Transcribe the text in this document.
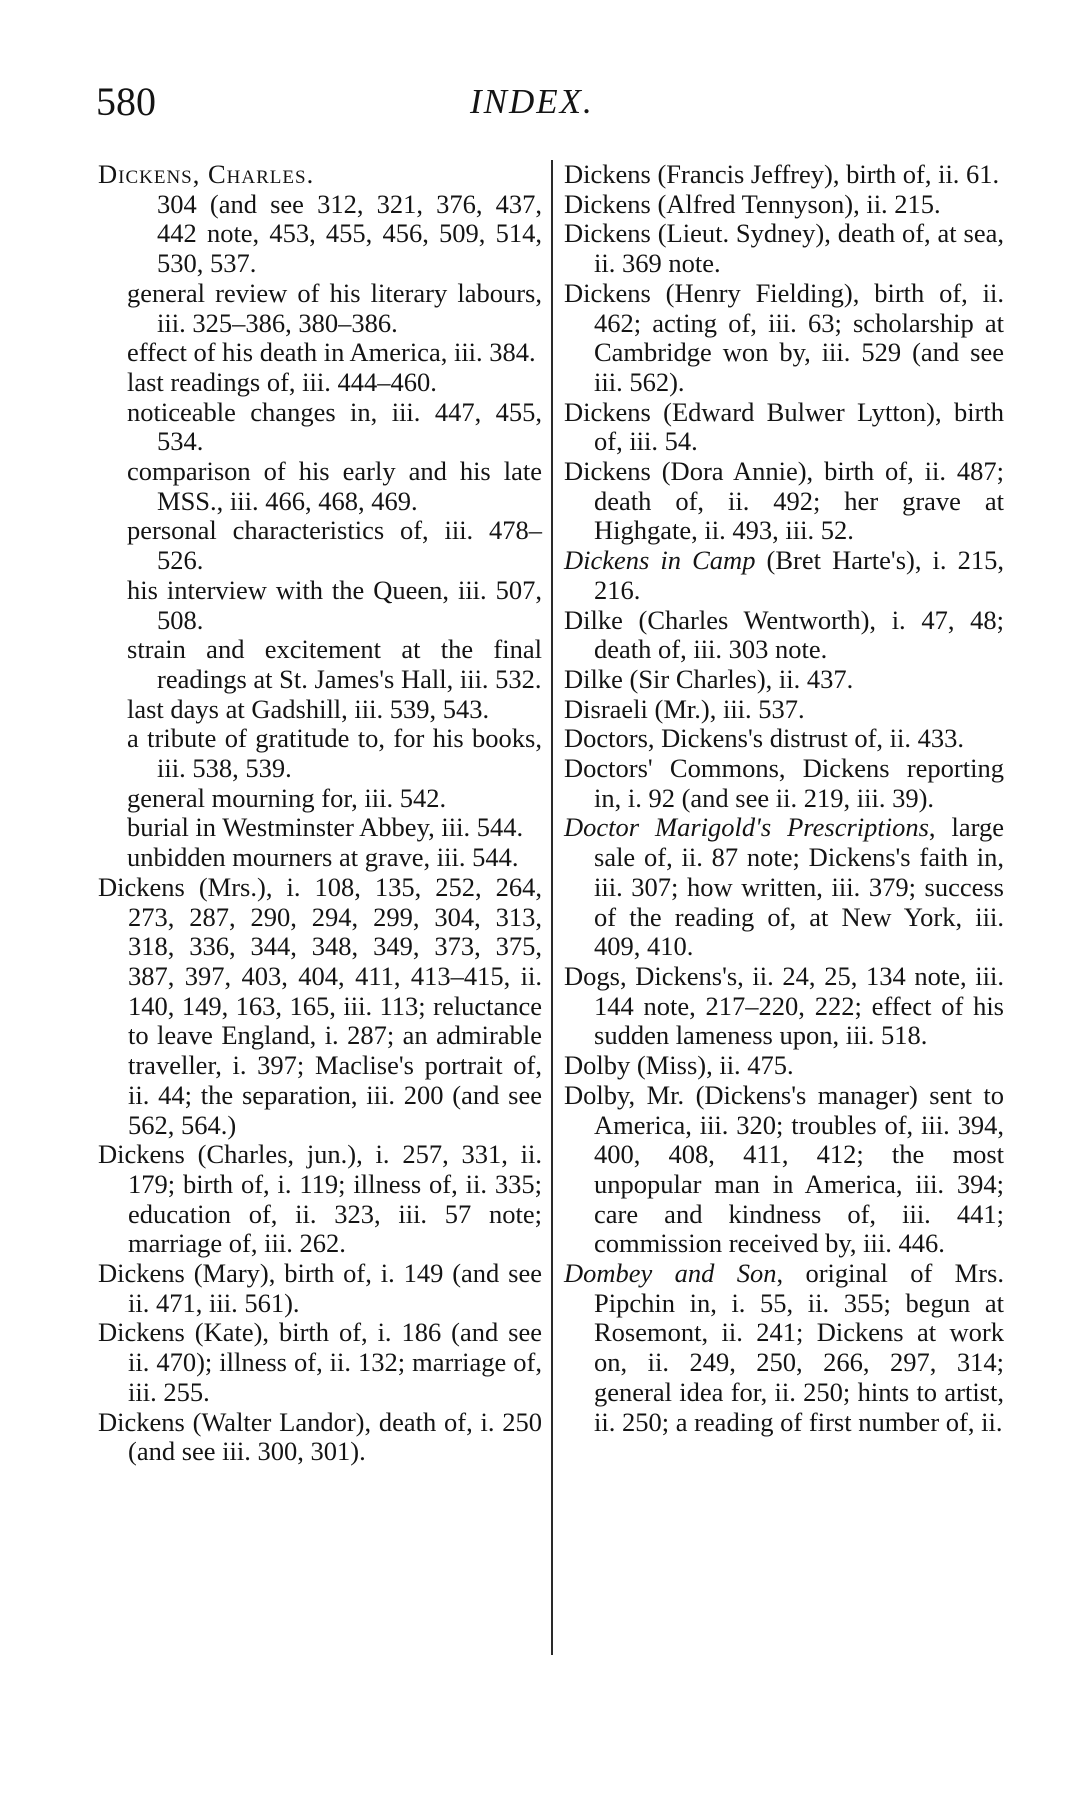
580	INDEX.

Dickens, Charles.

304 (and see 312, 321, 376, 437, 442 note, 453, 455, 456, 509, 514, 530, 537.

general review of his literary labours, iii. 325–386, 380–386.

effect of his death in America, iii. 384.

last readings of, iii. 444–460.

noticeable changes in, iii. 447, 455, 534.

comparison of his early and his late MSS., iii. 466, 468, 469.

personal characteristics of, iii. 478–526.

his interview with the Queen, iii. 507, 508.

strain and excitement at the final readings at St. James's Hall, iii. 532.

last days at Gadshill, iii. 539, 543.

a tribute of gratitude to, for his books, iii. 538, 539.

general mourning for, iii. 542.

burial in Westminster Abbey, iii. 544.

unbidden mourners at grave, iii. 544.

Dickens (Mrs.), i. 108, 135, 252, 264, 273, 287, 290, 294, 299, 304, 313, 318, 336, 344, 348, 349, 373, 375, 387, 397, 403, 404, 411, 413–415, ii. 140, 149, 163, 165, iii. 113; reluctance to leave England, i. 287; an admirable traveller, i. 397; Maclise's portrait of, ii. 44; the separation, iii. 200 (and see 562, 564.)

Dickens (Charles, jun.), i. 257, 331, ii. 179; birth of, i. 119; illness of, ii. 335; education of, ii. 323, iii. 57 note; marriage of, iii. 262.

Dickens (Mary), birth of, i. 149 (and see ii. 471, iii. 561).

Dickens (Kate), birth of, i. 186 (and see ii. 470); illness of, ii. 132; marriage of, iii. 255.

Dickens (Walter Landor), death of, i. 250 (and see iii. 300, 301).

Dickens (Francis Jeffrey), birth of, ii. 61.

Dickens (Alfred Tennyson), ii. 215.

Dickens (Lieut. Sydney), death of, at sea, ii. 369 note.

Dickens (Henry Fielding), birth of, ii. 462; acting of, iii. 63; scholarship at Cambridge won by, iii. 529 (and see iii. 562).

Dickens (Edward Bulwer Lytton), birth of, iii. 54.

Dickens (Dora Annie), birth of, ii. 487; death of, ii. 492; her grave at Highgate, ii. 493, iii. 52.

Dickens in Camp (Bret Harte's), i. 215, 216.

Dilke (Charles Wentworth), i. 47, 48; death of, iii. 303 note.

Dilke (Sir Charles), ii. 437.

Disraeli (Mr.), iii. 537.

Doctors, Dickens's distrust of, ii. 433.

Doctors' Commons, Dickens reporting in, i. 92 (and see ii. 219, iii. 39).

Doctor Marigold's Prescriptions, large sale of, ii. 87 note; Dickens's faith in, iii. 307; how written, iii. 379; success of the reading of, at New York, iii. 409, 410.

Dogs, Dickens's, ii. 24, 25, 134 note, iii. 144 note, 217–220, 222; effect of his sudden lameness upon, iii. 518.

Dolby (Miss), ii. 475.

Dolby, Mr. (Dickens's manager) sent to America, iii. 320; troubles of, iii. 394, 400, 408, 411, 412; the most unpopular man in America, iii. 394; care and kindness of, iii. 441; commission received by, iii. 446.

Dombey and Son, original of Mrs. Pipchin in, i. 55, ii. 355; begun at Rosemont, ii. 241; Dickens at work on, ii. 249, 250, 266, 297, 314; general idea for, ii. 250; hints to artist, ii. 250; a reading of first number of, ii.
